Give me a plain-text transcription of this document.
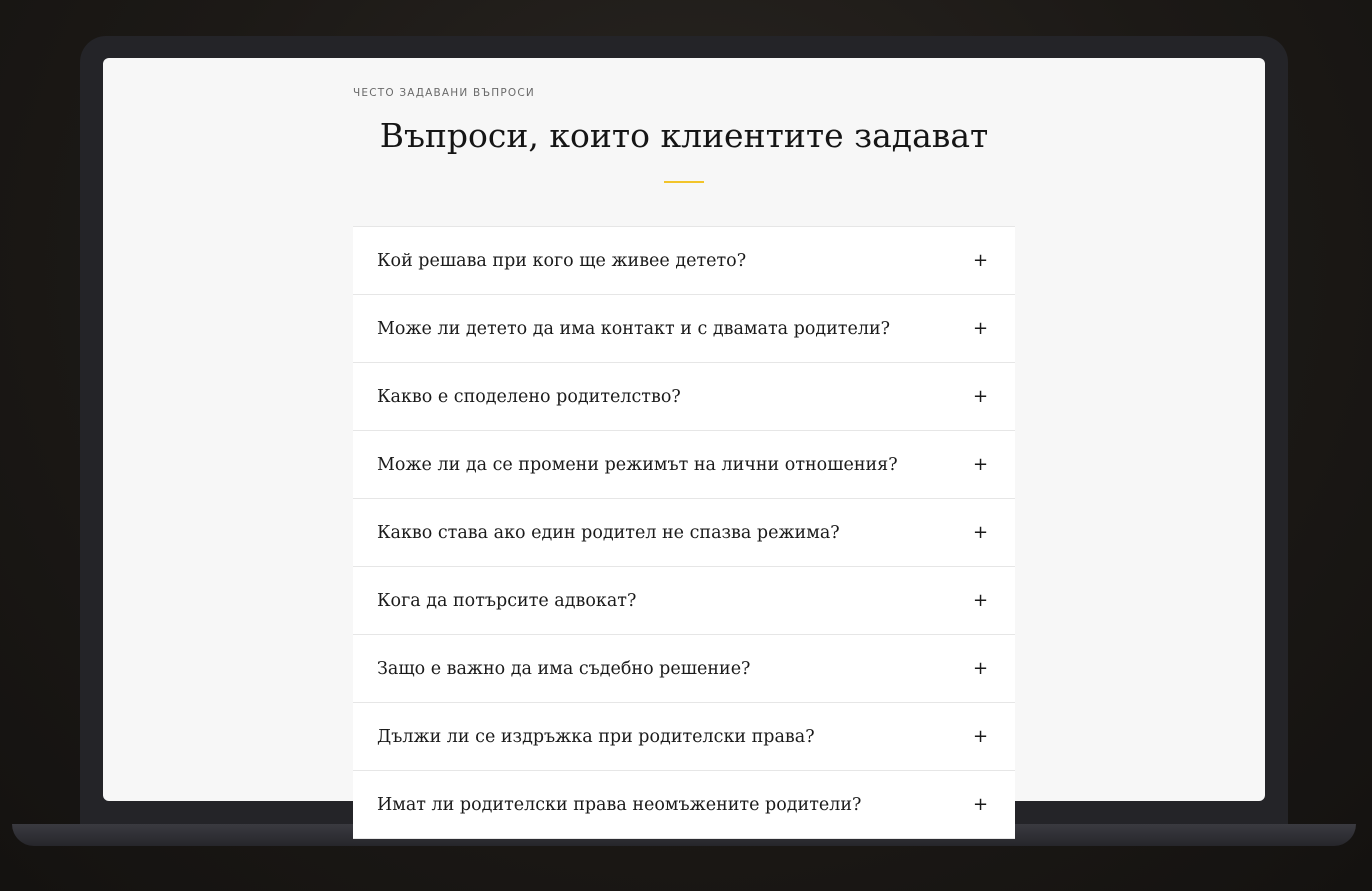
ЧЕСТО ЗАДАВАНИ ВЪПРОСИ
Въпроси, които клиентите задават
Кой решава при кого ще живее детето?	+
Може ли детето да има контакт и с двамата родители?	+
Какво е споделено родителство?	+
Може ли да се промени режимът на лични отношения?	+
Какво става ако един родител не спазва режима?	+
Кога да потърсите адвокат?	+
Защо е важно да има съдебно решение?	+
Дължи ли се издръжка при родителски права?	+
Имат ли родителски права неомъжените родители?	+
